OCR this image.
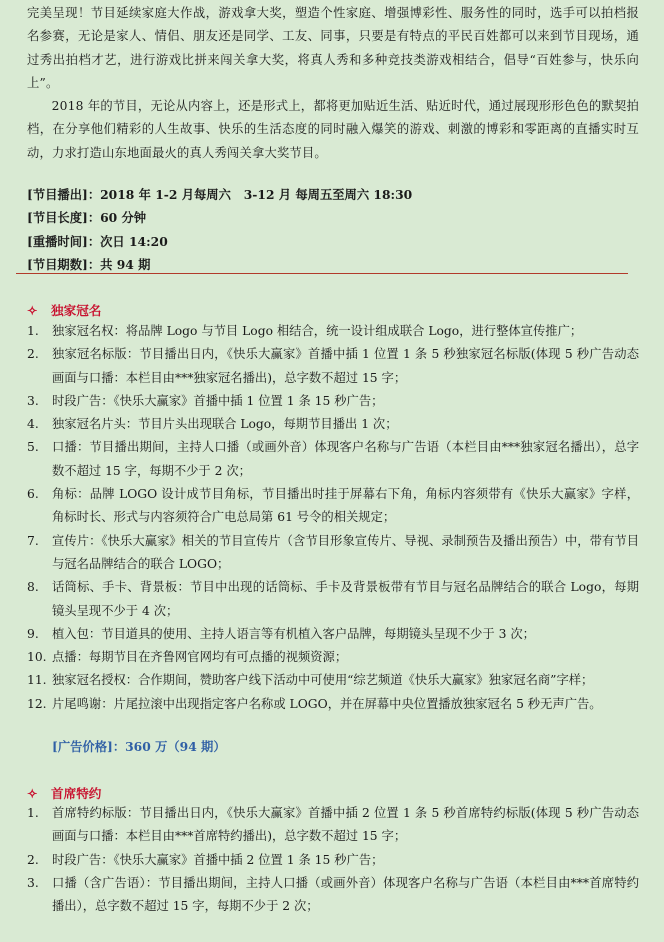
完美呈现！节目延续家庭大作战，游戏拿大奖，塑造个性家庭、增强博彩性、服务性的同时，选手可以拍档报名参赛，无论是家人、情侣、朋友还是同学、工友、同事，只要是有特点的平民百姓都可以来到节目现场，通过秀出拍档才艺，进行游戏比拼来闯关拿大奖，将真人秀和多种竞技类游戏相结合，倡导“百姓参与，快乐向上”。

2018 年的节目，无论从内容上，还是形式上，都将更加贴近生活、贴近时代，通过展现形形色色的默契拍档，在分享他们精彩的人生故事、快乐的生活态度的同时融入爆笑的游戏、刺激的博彩和零距离的直播实时互动，力求打造山东地面最火的真人秀闯关拿大奖节目。

[节目播出]：2018 年 1-2 月每周六   3-12 月 每周五至周六 18:30
[节目长度]：60 分钟
[重播时间]：次日 14:20
[节目期数]：共 94 期
✧ 独家冠名
1.	独家冠名权：将品牌 Logo 与节目 Logo 相结合，统一设计组成联合 Logo，进行整体宣传推广；
2.	独家冠名标版：节目播出日内，《快乐大赢家》首播中插 1 位置 1 条 5 秒独家冠名标版(体现 5 秒广告动态画面与口播：本栏目由***独家冠名播出)，总字数不超过 15 字；
3.	时段广告：《快乐大赢家》首播中插 1 位置 1 条 15 秒广告；
4.	独家冠名片头：节目片头出现联合 Logo，每期节目播出 1 次；
5.	口播：节目播出期间，主持人口播（或画外音）体现客户名称与广告语（本栏目由***独家冠名播出），总字数不超过 15 字，每期不少于 2 次；
6.	角标：品牌 LOGO 设计成节目角标，节目播出时挂于屏幕右下角，角标内容须带有《快乐大赢家》字样，角标时长、形式与内容须符合广电总局第 61 号令的相关规定；
7.	宣传片：《快乐大赢家》相关的节目宣传片（含节目形象宣传片、导视、录制预告及播出预告）中，带有节目与冠名品牌结合的联合 LOGO；
8.	话筒标、手卡、背景板：节目中出现的话筒标、手卡及背景板带有节目与冠名品牌结合的联合 Logo，每期镜头呈现不少于 4 次；
9.	植入包：节目道具的使用、主持人语言等有机植入客户品牌，每期镜头呈现不少于 3 次；
10. 点播：每期节目在齐鲁网官网均有可点播的视频资源；
11. 独家冠名授权：合作期间，赞助客户线下活动中可使用“综艺频道《快乐大赢家》独家冠名商”字样；
12. 片尾鸣谢：片尾拉滚中出现指定客户名称或 LOGO，并在屏幕中央位置播放独家冠名 5 秒无声广告。
[广告价格]：360 万（94 期）
✧ 首席特约
1.	首席特约标版：节目播出日内，《快乐大赢家》首播中插 2 位置 1 条 5 秒首席特约标版(体现 5 秒广告动态画面与口播：本栏目由***首席特约播出)，总字数不超过 15 字；
2.	时段广告：《快乐大赢家》首播中插 2 位置 1 条 15 秒广告；
3.	口播（含广告语）：节目播出期间，主持人口播（或画外音）体现客户名称与广告语（本栏目由***首席特约播出），总字数不超过 15 字，每期不少于 2 次；
